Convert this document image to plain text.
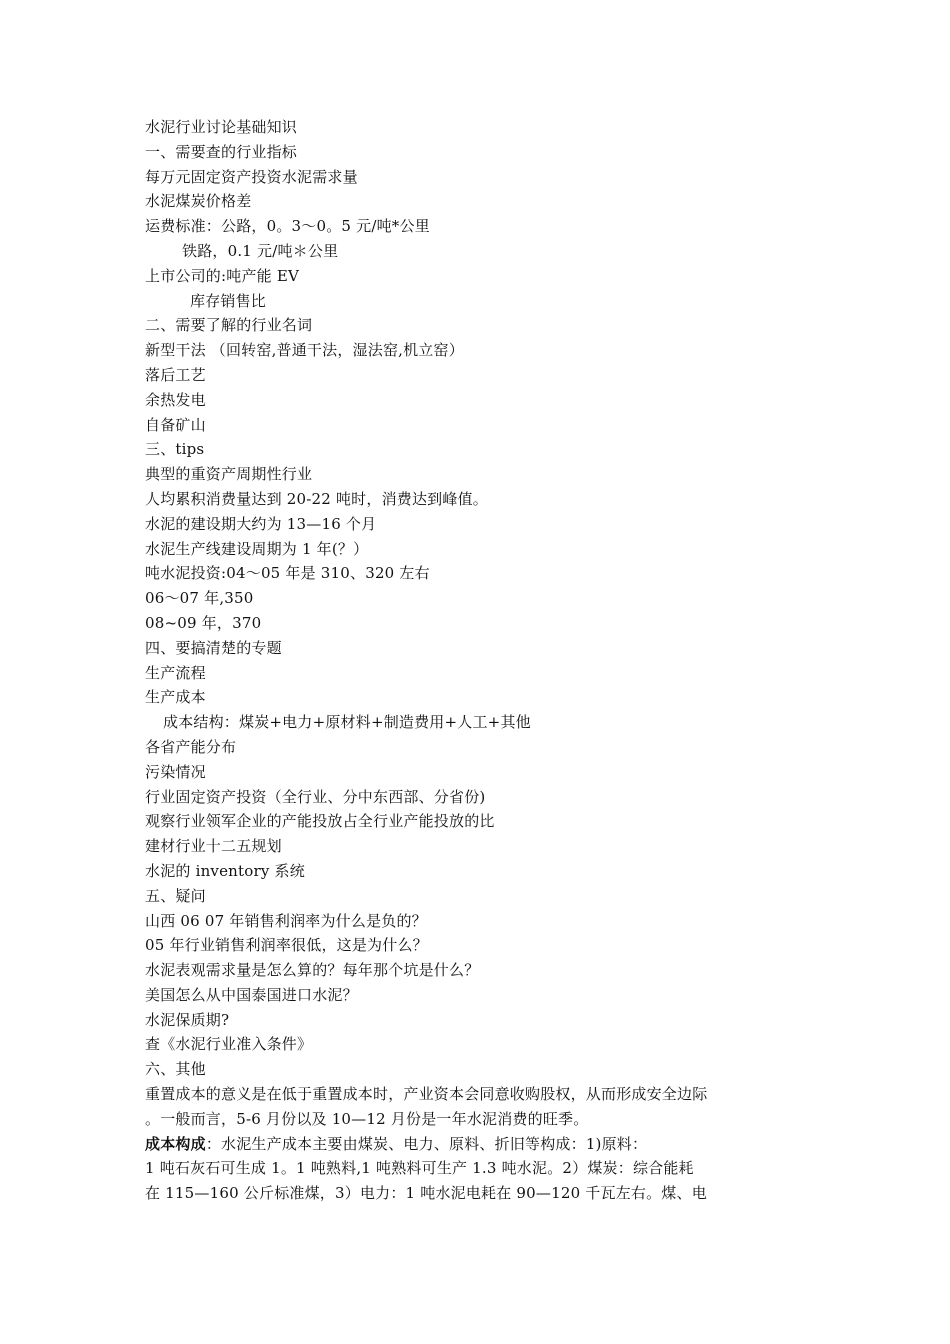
水泥行业讨论基础知识
一、需要查的行业指标
每万元固定资产投资水泥需求量
水泥煤炭价格差
运费标准：公路，0。3～0。5 元/吨*公里
铁路，0.1 元/吨＊公里
上市公司的:吨产能 EV
库存销售比
二、需要了解的行业名词
新型干法 （回转窑,普通干法，湿法窑,机立窑）
落后工艺
余热发电
自备矿山
三、tips
典型的重资产周期性行业
人均累积消费量达到 20-22 吨时，消费达到峰值。
水泥的建设期大约为 13—16 个月
水泥生产线建设周期为 1 年(？）
吨水泥投资:04～05 年是 310、320 左右
06～07 年,350
08~09 年，370
四、要搞清楚的专题
生产流程
生产成本
成本结构：煤炭+电力+原材料+制造费用+人工+其他
各省产能分布
污染情况
行业固定资产投资（全行业、分中东西部、分省份)
观察行业领军企业的产能投放占全行业产能投放的比
建材行业十二五规划
水泥的 inventory 系统
五、疑问
山西 06 07 年销售利润率为什么是负的？
05 年行业销售利润率很低，这是为什么？
水泥表观需求量是怎么算的？每年那个坑是什么？
美国怎么从中国泰国进口水泥？
水泥保质期?
查《水泥行业准入条件》
六、其他
重置成本的意义是在低于重置成本时，产业资本会同意收购股权，从而形成安全边际
。一般而言，5-6 月份以及 10—12 月份是一年水泥消费的旺季。
成本构成：水泥生产成本主要由煤炭、电力、原料、折旧等构成：1)原料：
1 吨石灰石可生成 1。1 吨熟料,1 吨熟料可生产 1.3 吨水泥。2）煤炭：综合能耗
在 115—160 公斤标准煤，3）电力：1 吨水泥电耗在 90—120 千瓦左右。煤、电
